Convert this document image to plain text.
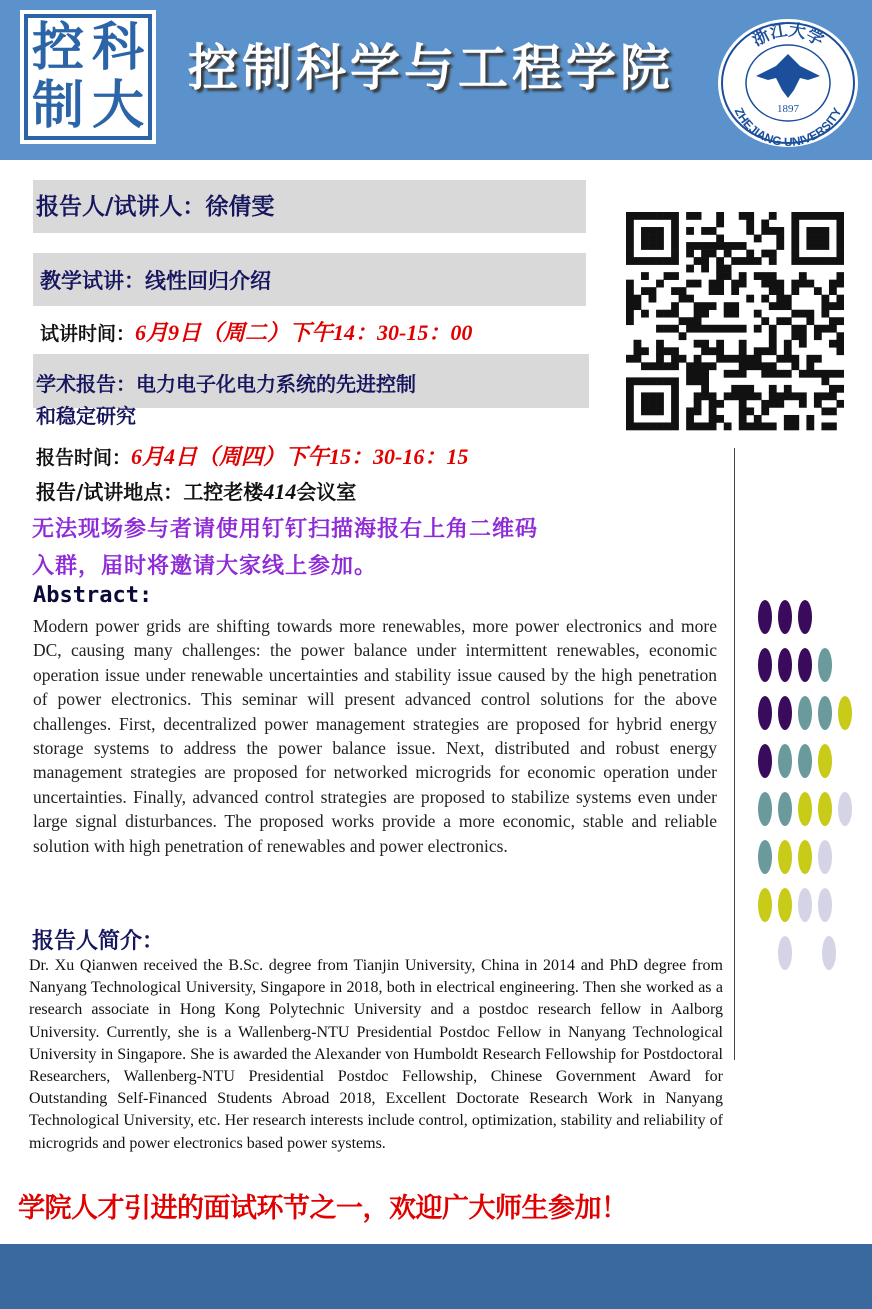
控 科
制 大
控制科学与工程学院
浙江大学
1897
ZHEJIANG UNIVERSITY
报告人/试讲人：徐倩雯
教学试讲：线性回归介绍
试讲时间：6月9日（周二）下午14：30-15：00
学术报告：电力电子化电力系统的先进控制
和稳定研究
报告时间：6月4日（周四）下午15：30-16：15
报告/试讲地点：工控老楼414会议室
无法现场参与者请使用钉钉扫描海报右上角二维码
入群，届时将邀请大家线上参加。
Abstract:

Modern power grids are shifting towards more renewables, more power electronics and more DC, causing many challenges: the power balance under intermittent renewables, economic operation issue under renewable uncertainties and stability issue caused by the high penetration of power electronics. This seminar will present advanced control solutions for the above challenges. First, decentralized power management strategies are proposed for hybrid energy storage systems to address the power balance issue. Next, distributed and robust energy management strategies are proposed for networked microgrids for economic operation under uncertainties. Finally, advanced control strategies are proposed to stabilize systems even under large signal disturbances. The proposed works provide a more economic, stable and reliable solution with high penetration of renewables and power electronics.

报告人简介：

Dr. Xu Qianwen received the B.Sc. degree from Tianjin University, China in 2014 and PhD degree from Nanyang Technological University, Singapore in 2018, both in electrical engineering. Then she worked as a research associate in Hong Kong Polytechnic University and a postdoc research fellow in Aalborg University. Currently, she is a Wallenberg-NTU Presidential Postdoc Fellow in Nanyang Technological University in Singapore. She is awarded the Alexander von Humboldt Research Fellowship for Postdoctoral Researchers, Wallenberg-NTU Presidential Postdoc Fellowship, Chinese Government Award for Outstanding Self-Financed Students Abroad 2018, Excellent Doctorate Research Work in Nanyang Technological University, etc. Her research interests include control, optimization, stability and reliability of microgrids and power electronics based power systems.

学院人才引进的面试环节之一，欢迎广大师生参加！
